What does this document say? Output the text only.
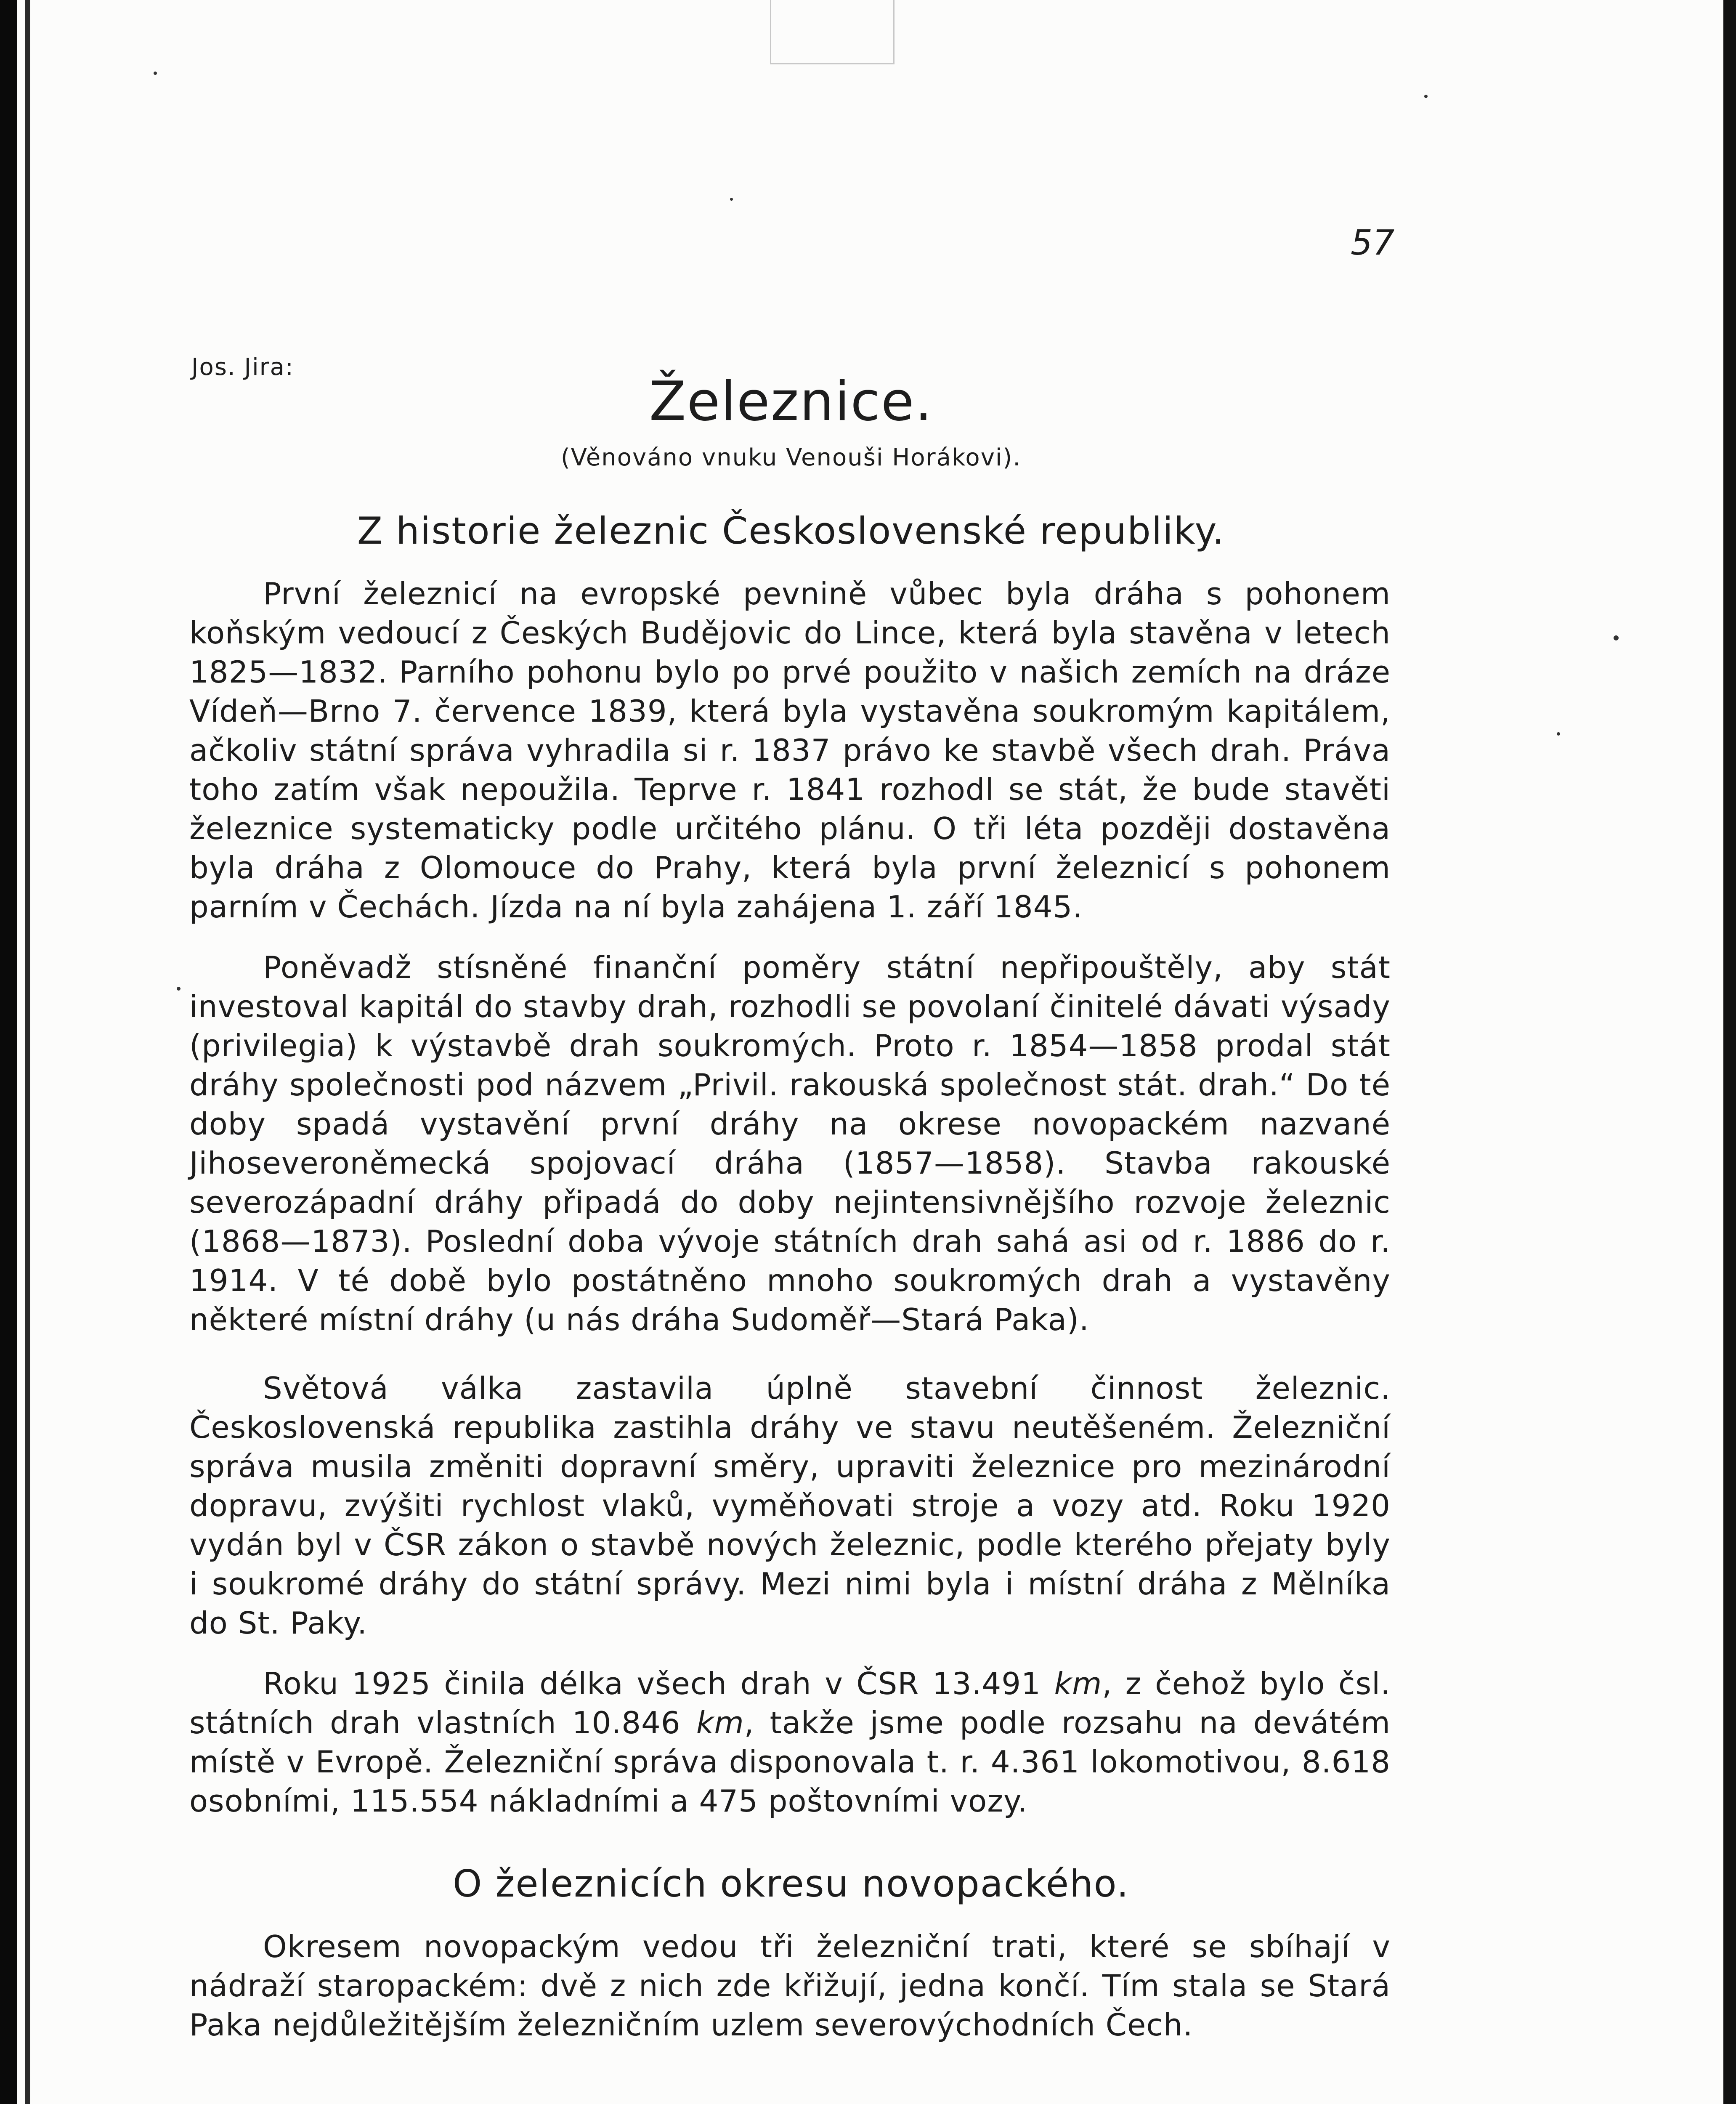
57
Jos. Jira:
Železnice.
(Věnováno vnuku Venouši Horákovi).
Z historie železnic Československé republiky.
První železnicí na evropské pevnině vůbec byla dráha s pohonem koňským vedoucí z Českých Budějovic do Lince, která byla stavěna v letech 1825—1832. Parního pohonu bylo po prvé použito v našich zemích na dráze Vídeň—Brno 7. července 1839, která byla vystavěna soukromým kapitálem, ačkoliv státní správa vyhradila si r. 1837 právo ke stavbě všech drah. Práva toho zatím však nepoužila. Teprve r. 1841 rozhodl se stát, že bude stavěti železnice systematicky podle určitého plánu. O tři léta později dostavěna byla dráha z Olomouce do Prahy, která byla první železnicí s pohonem parním v Čechách. Jízda na ní byla zahájena 1. září 1845.
Poněvadž stísněné finanční poměry státní nepřipouštěly, aby stát investoval kapitál do stavby drah, rozhodli se povolaní činitelé dávati výsady (privilegia) k výstavbě drah soukromých. Proto r. 1854—1858 prodal stát dráhy společnosti pod názvem „Privil. rakouská společnost stát. drah.“ Do té doby spadá vystavění první dráhy na okrese novopackém nazvané Jihoseveroněmecká spojovací dráha (1857—1858). Stavba rakouské severozápadní dráhy připadá do doby nejintensivnějšího rozvoje železnic (1868—1873). Poslední doba vývoje státních drah sahá asi od r. 1886 do r. 1914. V té době bylo postátněno mnoho soukromých drah a vystavěny některé místní dráhy (u nás dráha Sudoměř—Stará Paka).
Světová válka zastavila úplně stavební činnost železnic. Československá republika zastihla dráhy ve stavu neutěšeném. Železniční správa musila změniti dopravní směry, upraviti železnice pro mezinárodní dopravu, zvýšiti rychlost vlaků, vyměňovati stroje a vozy atd. Roku 1920 vydán byl v ČSR zákon o stavbě nových železnic, podle kterého přejaty byly i soukromé dráhy do státní správy. Mezi nimi byla i místní dráha z Mělníka do St. Paky.
Roku 1925 činila délka všech drah v ČSR 13.491 km, z čehož bylo čsl. státních drah vlastních 10.846 km, takže jsme podle rozsahu na devátém místě v Evropě. Železniční správa disponovala t. r. 4.361 lokomotivou, 8.618 osobními, 115.554 nákladními a 475 poštovními vozy.
O železnicích okresu novopackého.
Okresem novopackým vedou tři železniční trati, které se sbíhají v nádraží staropackém: dvě z nich zde křižují, jedna končí. Tím stala se Stará Paka nejdůležitějším železničním uzlem severovýchodních Čech.
